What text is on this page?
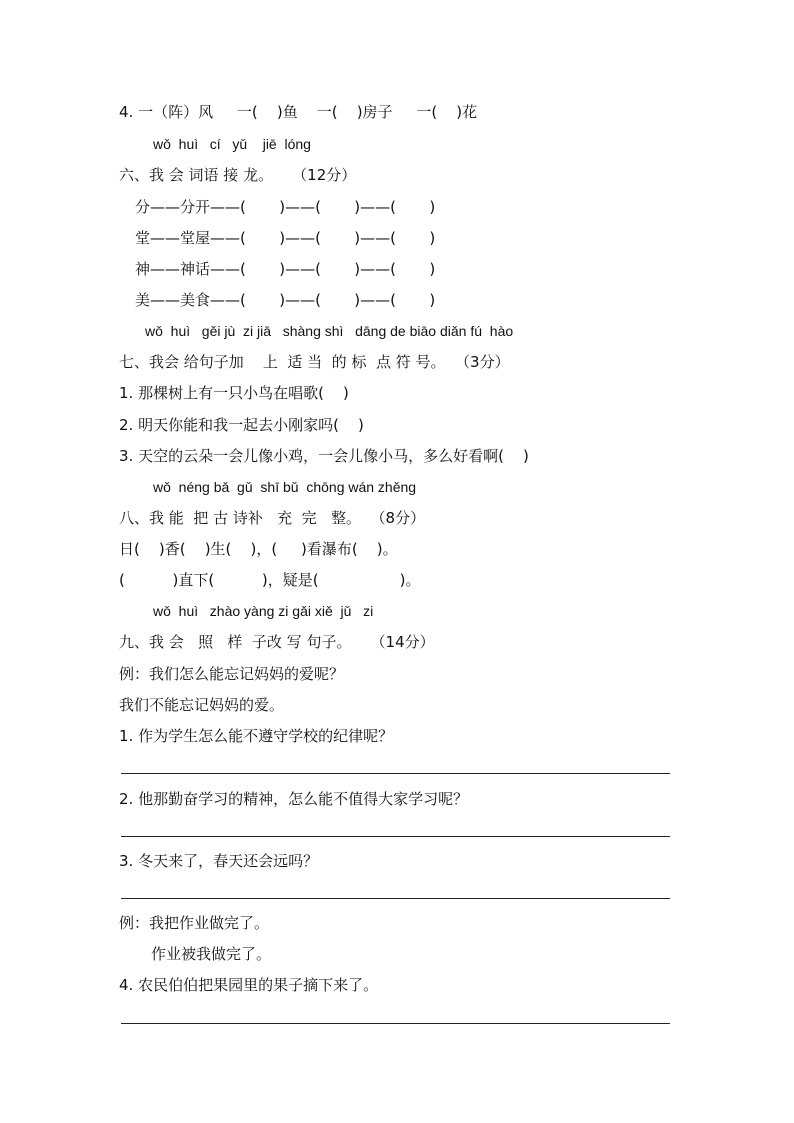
4. 一（阵）风     一(    )鱼    一(    )房子     一(    )花
wǒ  huì   cí   yǔ    jiē  lóng
六、我 会 词语 接 龙。    （12分）
分——分开——(       )——(       )——(       )
堂——堂屋——(       )——(       )——(       )
神——神话——(       )——(       )——(       )
美——美食——(       )——(       )——(       )
wǒ  huì   gěi jù  zi jiā   shàng shì   dāng de biāo diǎn fú  hào
七、我会 给句子加    上  适 当  的 标  点 符 号。  （3分）
1. 那棵树上有一只小鸟在唱歌(    )
2. 明天你能和我一起去小刚家吗(    )
3. 天空的云朵一会儿像小鸡，一会儿像小马，多么好看啊(    )
wǒ  néng bǎ  gǔ  shī bǔ  chōng wán zhěng
八、我 能  把 古 诗补   充  完   整。  （8分）
日(    )香(    )生(    )，(     )看瀑布(    )。
(          )直下(          )，疑是(                 )。
wǒ  huì   zhào yàng zi gǎi xiě  jǔ   zi
九、我 会   照   样  子改 写 句子。    （14分）
例：我们怎么能忘记妈妈的爱呢？
我们不能忘记妈妈的爱。
1. 作为学生怎么能不遵守学校的纪律呢？
2. 他那勤奋学习的精神，怎么能不值得大家学习呢？
3. 冬天来了，春天还会远吗？
例：我把作业做完了。
作业被我做完了。
4. 农民伯伯把果园里的果子摘下来了。
